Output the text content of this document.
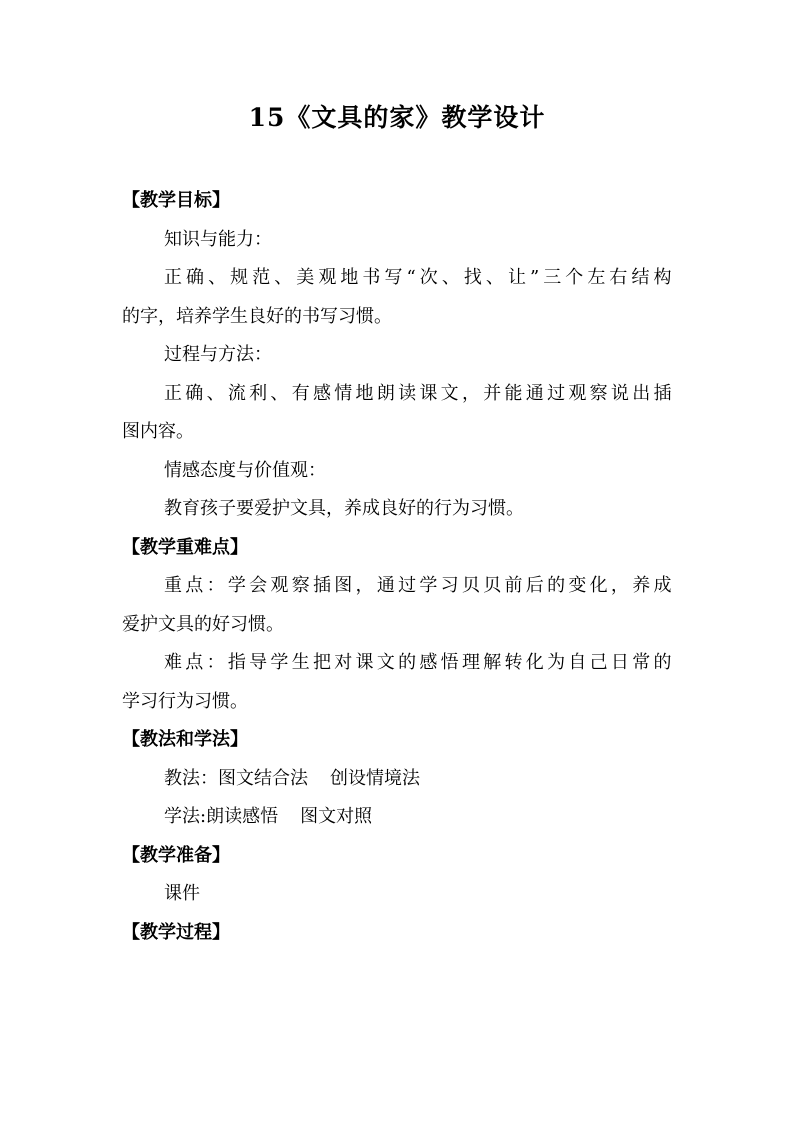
15《文具的家》教学设计
【教学目标】
知识与能力：
正确、规范、美观地书写“次、找、让”三个左右结构
的字，培养学生良好的书写习惯。
过程与方法：
正确、流利、有感情地朗读课文，并能通过观察说出插
图内容。
情感态度与价值观：
教育孩子要爱护文具，养成良好的行为习惯。
【教学重难点】
重点：学会观察插图，通过学习贝贝前后的变化，养成
爱护文具的好习惯。
难点：指导学生把对课文的感悟理解转化为自己日常的
学习行为习惯。
【教法和学法】
教法：图文结合法 创设情境法
学法:朗读感悟 图文对照
【教学准备】
课件
【教学过程】
